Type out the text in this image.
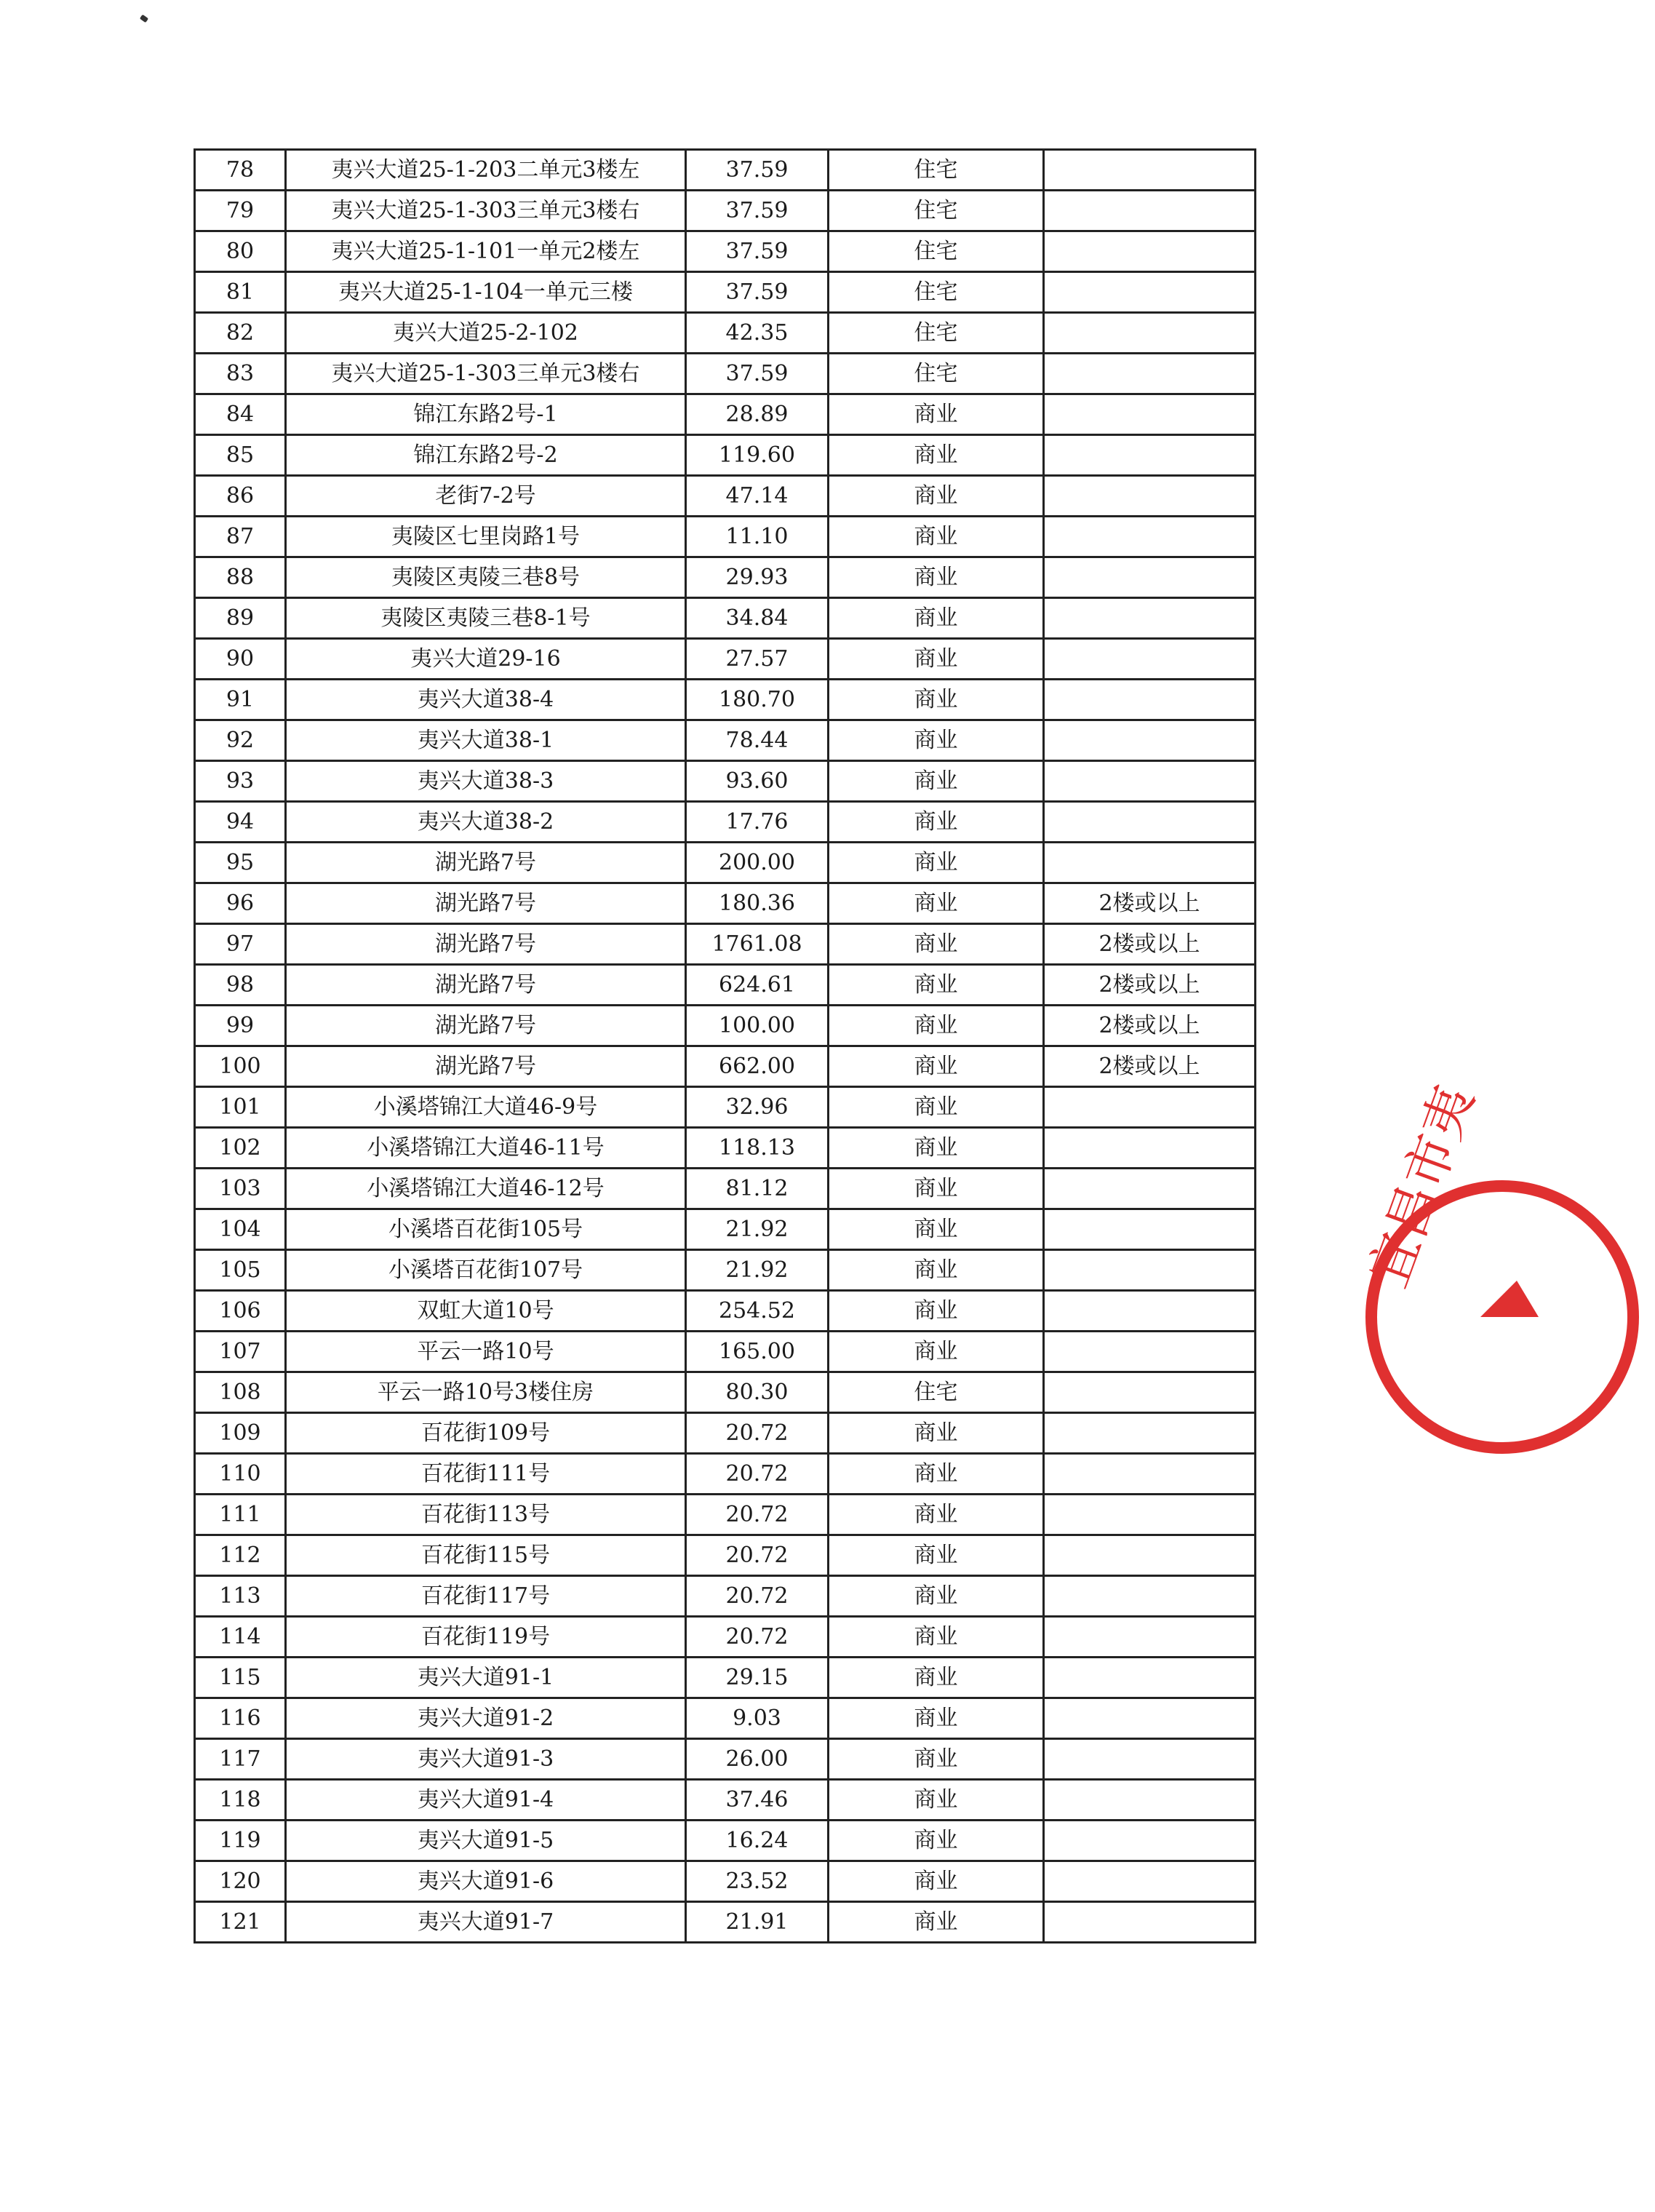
78	夷兴大道25-1-203二单元3楼左	37.59	住宅	
79	夷兴大道25-1-303三单元3楼右	37.59	住宅	
80	夷兴大道25-1-101一单元2楼左	37.59	住宅	
81	夷兴大道25-1-104一单元三楼	37.59	住宅	
82	夷兴大道25-2-102	42.35	住宅	
83	夷兴大道25-1-303三单元3楼右	37.59	住宅	
84	锦江东路2号-1	28.89	商业	
85	锦江东路2号-2	119.60	商业	
86	老街7-2号	47.14	商业	
87	夷陵区七里岗路1号	11.10	商业	
88	夷陵区夷陵三巷8号	29.93	商业	
89	夷陵区夷陵三巷8-1号	34.84	商业	
90	夷兴大道29-16	27.57	商业	
91	夷兴大道38-4	180.70	商业	
92	夷兴大道38-1	78.44	商业	
93	夷兴大道38-3	93.60	商业	
94	夷兴大道38-2	17.76	商业	
95	湖光路7号	200.00	商业	
96	湖光路7号	180.36	商业	2楼或以上
97	湖光路7号	1761.08	商业	2楼或以上
98	湖光路7号	624.61	商业	2楼或以上
99	湖光路7号	100.00	商业	2楼或以上
100	湖光路7号	662.00	商业	2楼或以上
101	小溪塔锦江大道46-9号	32.96	商业	
102	小溪塔锦江大道46-11号	118.13	商业	
103	小溪塔锦江大道46-12号	81.12	商业	
104	小溪塔百花街105号	21.92	商业	
105	小溪塔百花街107号	21.92	商业	
106	双虹大道10号	254.52	商业	
107	平云一路10号	165.00	商业	
108	平云一路10号3楼住房	80.30	住宅	
109	百花街109号	20.72	商业	
110	百花街111号	20.72	商业	
111	百花街113号	20.72	商业	
112	百花街115号	20.72	商业	
113	百花街117号	20.72	商业	
114	百花街119号	20.72	商业	
115	夷兴大道91-1	29.15	商业	
116	夷兴大道91-2	9.03	商业	
117	夷兴大道91-3	26.00	商业	
118	夷兴大道91-4	37.46	商业	
119	夷兴大道91-5	16.24	商业	
120	夷兴大道91-6	23.52	商业	
121	夷兴大道91-7	21.91	商业	
宜昌市夷
